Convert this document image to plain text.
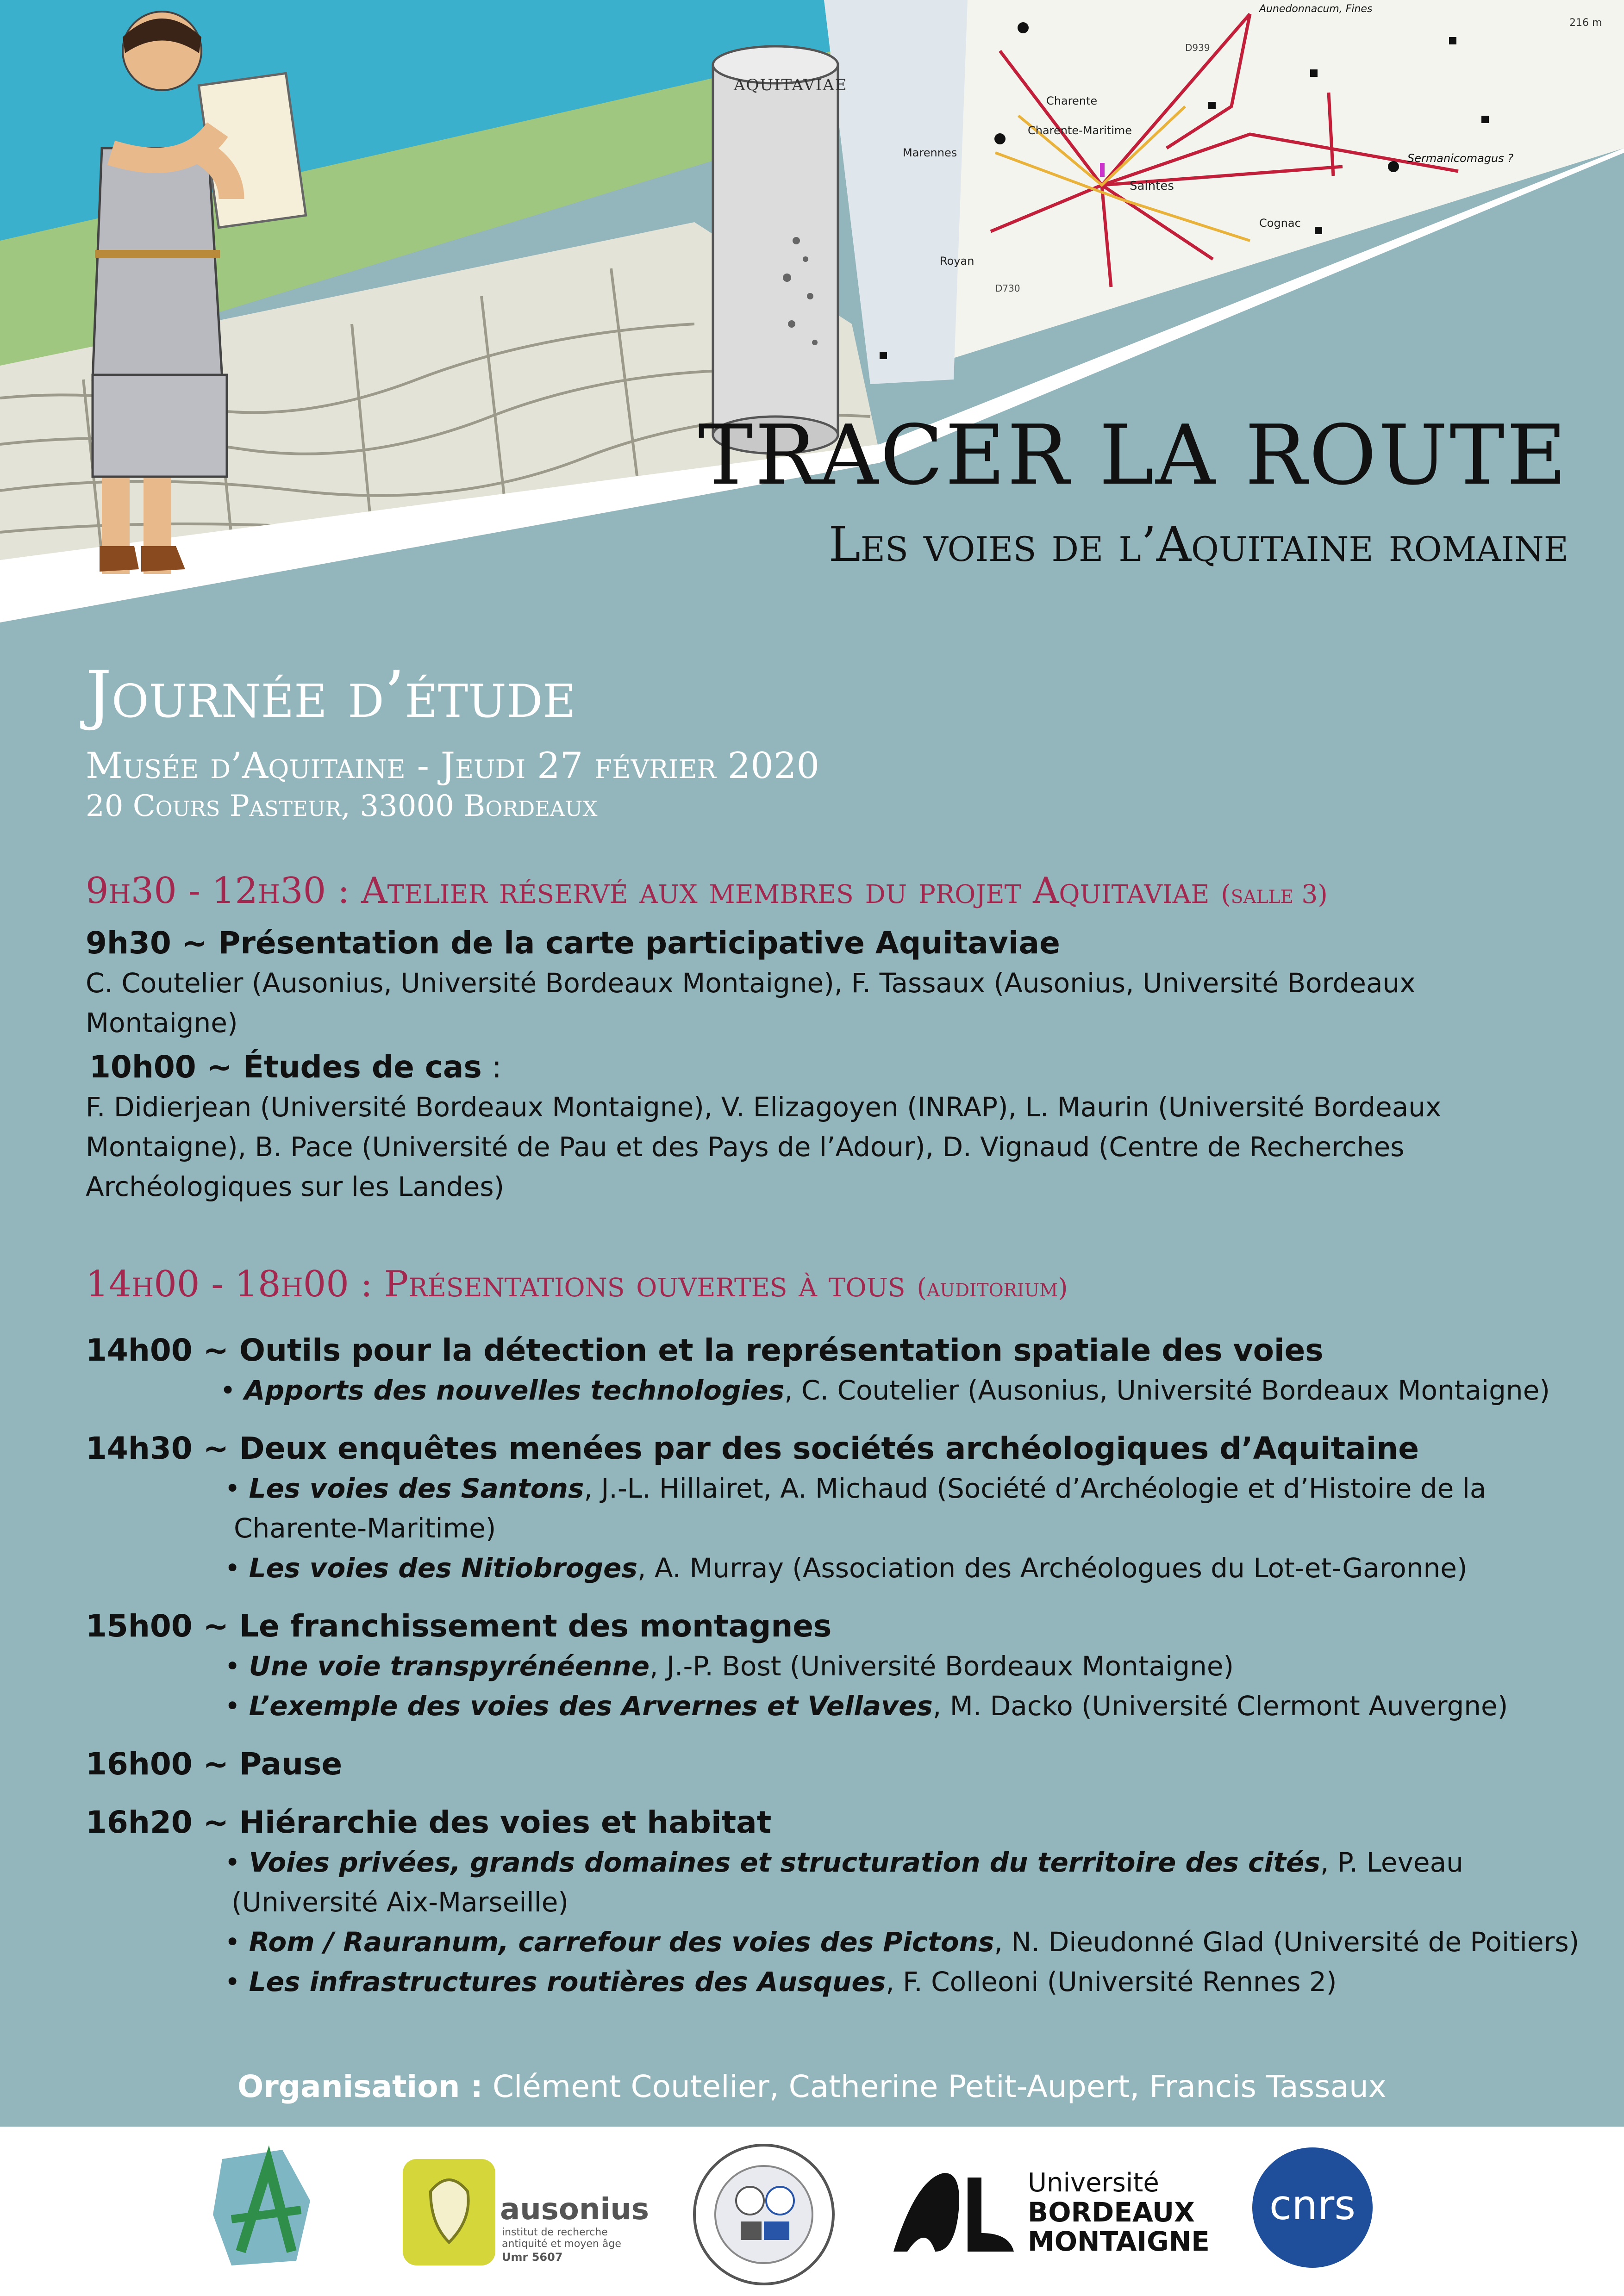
Aunedonnacum, Fines
216 m
Charente
Charente-Maritime
Marennes	Sermanicomagus ?
Saintes
Cognac
Royan
D730
D939
AQUITAVIAE
TRACER LA ROUTE
Les voies de l’Aquitaine romaine
Journée d’étude
Musée d’Aquitaine - Jeudi 27 février 2020
20 Cours Pasteur, 33000 Bordeaux
9h30 - 12h30 : Atelier réservé aux membres du projet Aquitaviae (salle 3)
9h30 ~ Présentation de la carte participative Aquitaviae
C. Coutelier (Ausonius, Université Bordeaux Montaigne), F. Tassaux (Ausonius, Université Bordeaux
Montaigne)
10h00 ~ Études de cas :
F. Didierjean (Université Bordeaux Montaigne), V. Elizagoyen (INRAP), L. Maurin (Université Bordeaux
Montaigne), B. Pace (Université de Pau et des Pays de l’Adour), D. Vignaud (Centre de Recherches
Archéologiques sur les Landes)
14h00 - 18h00 : Présentations ouvertes à tous (auditorium)
14h00 ~ Outils pour la détection et la représentation spatiale des voies
• Apports des nouvelles technologies, C. Coutelier (Ausonius, Université Bordeaux Montaigne)
14h30 ~ Deux enquêtes menées par des sociétés archéologiques d’Aquitaine
• Les voies des Santons, J.-L. Hillairet, A. Michaud (Société d’Archéologie et d’Histoire de la
Charente-Maritime)
• Les voies des Nitiobroges, A. Murray (Association des Archéologues du Lot-et-Garonne)
15h00 ~ Le franchissement des montagnes
• Une voie transpyrénéenne, J.-P. Bost (Université Bordeaux Montaigne)
• L’exemple des voies des Arvernes et Vellaves, M. Dacko (Université Clermont Auvergne)
16h00 ~ Pause
16h20 ~ Hiérarchie des voies et habitat
• Voies privées, grands domaines et structuration du territoire des cités, P. Leveau
(Université Aix-Marseille)
• Rom / Rauranum, carrefour des voies des Pictons, N. Dieudonné Glad (Université de Poitiers)
• Les infrastructures routières des Ausques, F. Colleoni (Université Rennes 2)
Organisation : Clément Coutelier, Catherine Petit-Aupert, Francis Tassaux
ausonius
institut de recherche
antiquité et moyen âge
Umr 5607
Université
BORDEAUX
MONTAIGNE
cnrs
